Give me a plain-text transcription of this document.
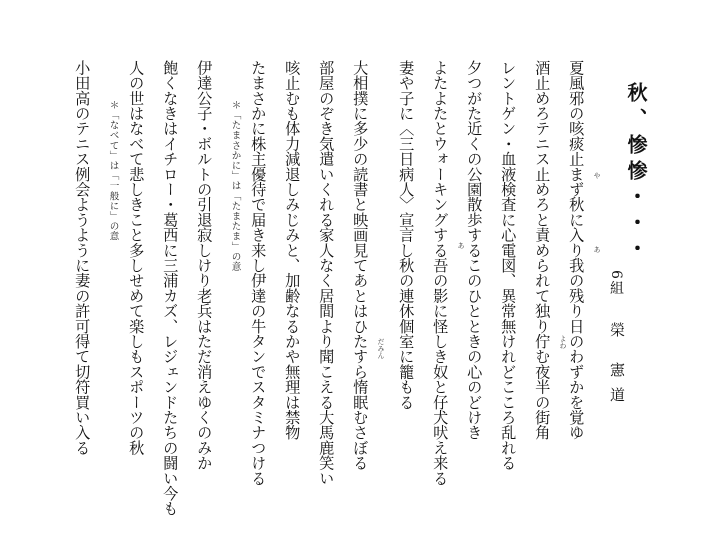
秋、惨惨・・・
6組
榮 憲道
夏風邪の咳痰止まず秋に入り我の残り日のわずかを覚ゆ
酒止めろテニス止めろと責められて独り佇む夜半の街角
レントゲン・血液検査に心電図、異常無けれどこころ乱れる
夕つがた近くの公園散歩するこのひとときの心のどけき
よたよたとウォーキングする吾の影に怪しき奴と仔犬吠え来る
妻や子に〈三日病人〉宣言し秋の連休個室に籠もる
大相撲に多少の読書と映画見てあとはひたすら惰眠むさぼる
部屋のぞき気遣いくれる家人なく居間より聞こえる大馬鹿笑い
咳止むも体力減退しみじみと、加齢なるかや無理は禁物
たまさかに株主優待で届き来し伊達の牛タンでスタミナつける
＊「たまさかに」は「たまたま」の意
伊達公子・ボルトの引退寂しけり老兵はただ消えゆくのみか
飽くなきはイチロー・葛西に三浦カズ、レジェンドたちの闘い今も
人の世はなべて悲しきこと多しせめて楽しもスポーツの秋
＊「なべて」は「一般に」の意
小田高のテニス例会ようように妻の許可得て切符買い入る	や
あ
よわ
あ
だみん
